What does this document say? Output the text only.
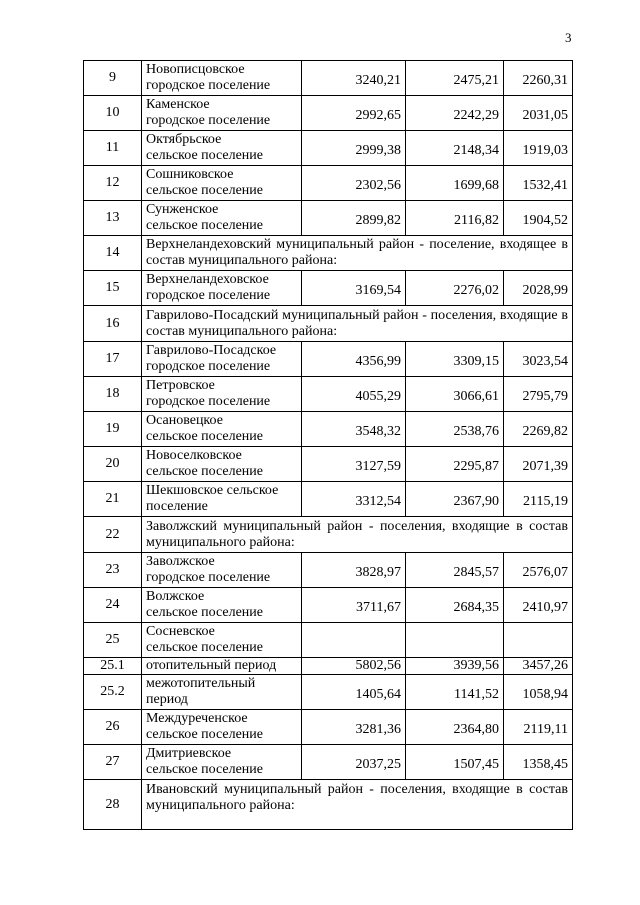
3
9	Новописцовское
городское поселение	3240,21	2475,21	2260,31
10	Каменское
городское поселение	2992,65	2242,29	2031,05
11	Октябрьское
сельское поселение	2999,38	2148,34	1919,03
12	Сошниковское
сельское поселение	2302,56	1699,68	1532,41
13	Сунженское
сельское поселение	2899,82	2116,82	1904,52
14	Верхнеландеховский муниципальный район - поселение, входящее в состав муниципального района:			
15	Верхнеландеховское
городское поселение	3169,54	2276,02	2028,99
16	Гаврилово-Посадский муниципальный район - поселения, входящие в состав муниципального района:			
17	Гаврилово-Посадское
городское поселение	4356,99	3309,15	3023,54
18	Петровское
городское поселение	4055,29	3066,61	2795,79
19	Осановецкое
сельское поселение	3548,32	2538,76	2269,82
20	Новоселковское
сельское поселение	3127,59	2295,87	2071,39
21	Шекшовское сельское
поселение	3312,54	2367,90	2115,19
22	Заволжский муниципальный район - поселения, входящие в состав муниципального района:			
23	Заволжское
городское поселение	3828,97	2845,57	2576,07
24	Волжское
сельское поселение	3711,67	2684,35	2410,97
25	Сосневское
сельское поселение			

25.1	отопительный период	5802,56	3939,56	3457,26
25.2	межотопительный
период	1405,64	1141,52	1058,94
26	Междуреченское
сельское поселение	3281,36	2364,80	2119,11
27	Дмитриевское
сельское поселение	2037,25	1507,45	1358,45
28	Ивановский муниципальный район - поселения, входящие в состав муниципального района:			
